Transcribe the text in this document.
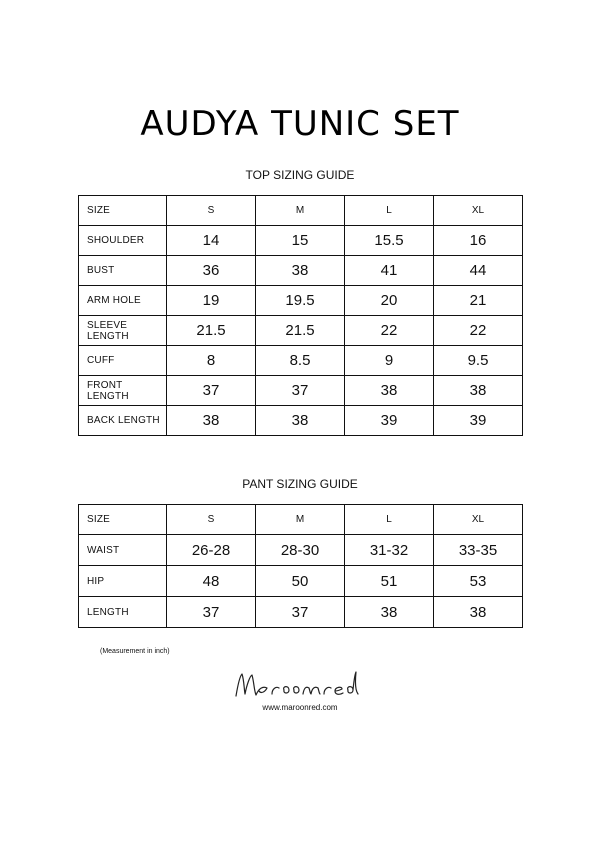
AUDYA TUNIC SET
TOP SIZING GUIDE
SIZE	S	M	L	XL
SHOULDER	14	15	15.5	16
BUST	36	38	41	44
ARM HOLE	19	19.5	20	21
SLEEVE LENGTH	21.5	21.5	22	22
CUFF	8	8.5	9	9.5
FRONT LENGTH	37	37	38	38
BACK LENGTH	38	38	39	39
PANT SIZING GUIDE
SIZE	S	M	L	XL
WAIST	26-28	28-30	31-32	33-35
HIP	48	50	51	53
LENGTH	37	37	38	38
(Measurement in inch)
www.maroonred.com
